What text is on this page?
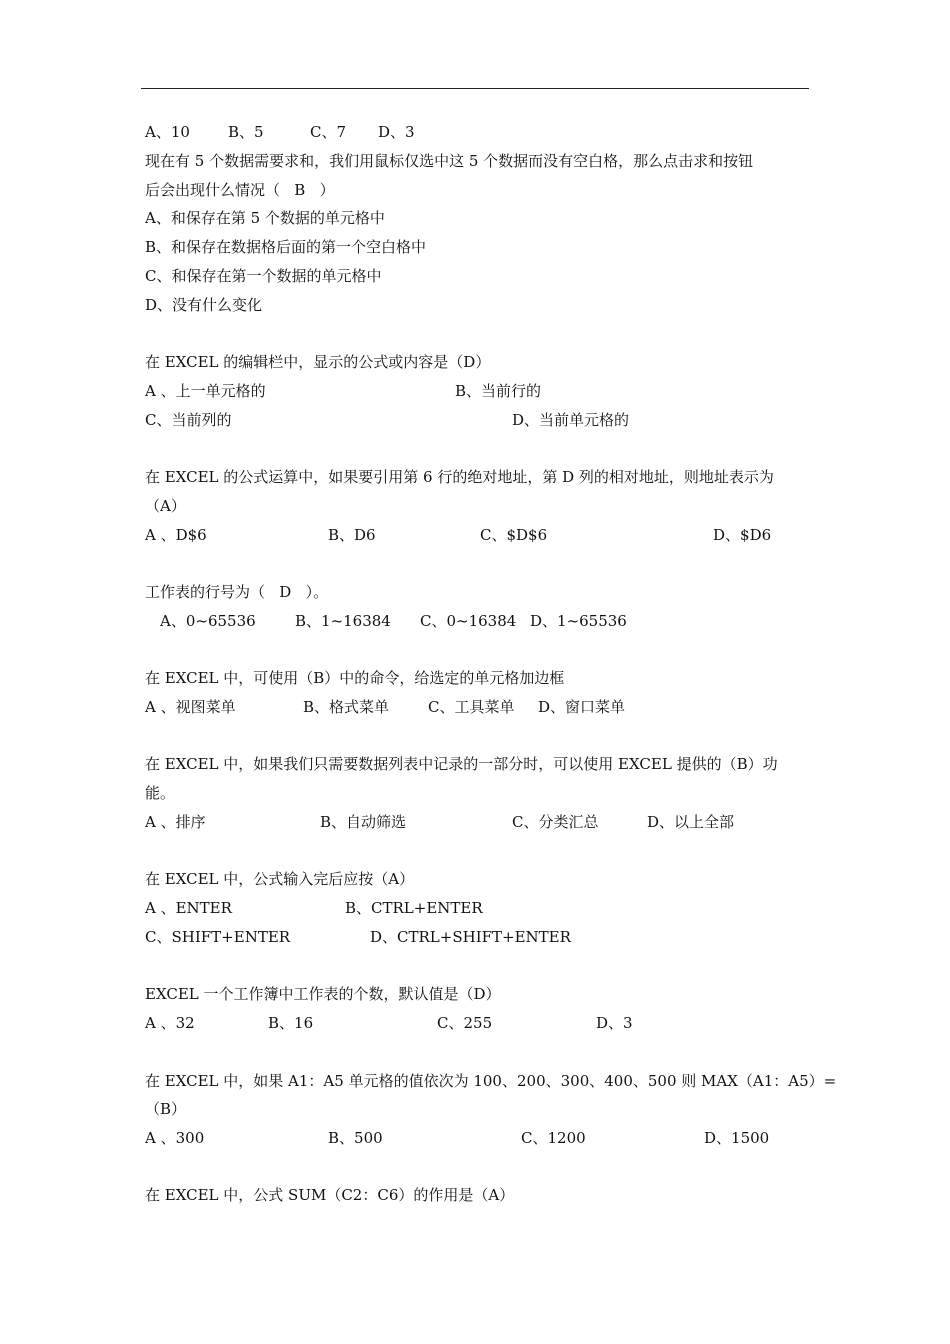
A、10	B、5	C、7 D、3
现在有 5 个数据需要求和，我们用鼠标仅选中这 5 个数据而没有空白格，那么点击求和按钮
后会出现什么情况（   B   ）
A、和保存在第 5 个数据的单元格中
B、和保存在数据格后面的第一个空白格中
C、和保存在第一个数据的单元格中
D、没有什么变化
在 EXCEL 的编辑栏中，显示的公式或内容是（D）
A 、上一单元格的	B、当前行的
C、当前列的	D、当前单元格的
在 EXCEL 的公式运算中，如果要引用第 6 行的绝对地址，第 D 列的相对地址，则地址表示为
（A）
A 、D$6	B、D6	C、$D$6	D、$D6
工作表的行号为（   D   ）。
A、0~65536	B、1~16384 C、0~16384 D、1~65536
在 EXCEL 中，可使用（B）中的命令，给选定的单元格加边框
A 、视图菜单	B、格式菜单	C、工具菜单 D、窗口菜单
在 EXCEL 中，如果我们只需要数据列表中记录的一部分时，可以使用 EXCEL 提供的（B）功
能。
A 、排序	B、自动筛选	C、分类汇总	D、以上全部
在 EXCEL 中，公式输入完后应按（A）
A 、ENTER	B、CTRL+ENTER
C、SHIFT+ENTER	D、CTRL+SHIFT+ENTER
EXCEL 一个工作簿中工作表的个数，默认值是（D）
A 、32	B、16	C、255	D、3
在 EXCEL 中，如果 A1：A5 单元格的值依次为 100、200、300、400、500 则 MAX（A1：A5）=
（B）
A 、300	B、500	C、1200	D、1500
在 EXCEL 中，公式 SUM（C2：C6）的作用是（A）
